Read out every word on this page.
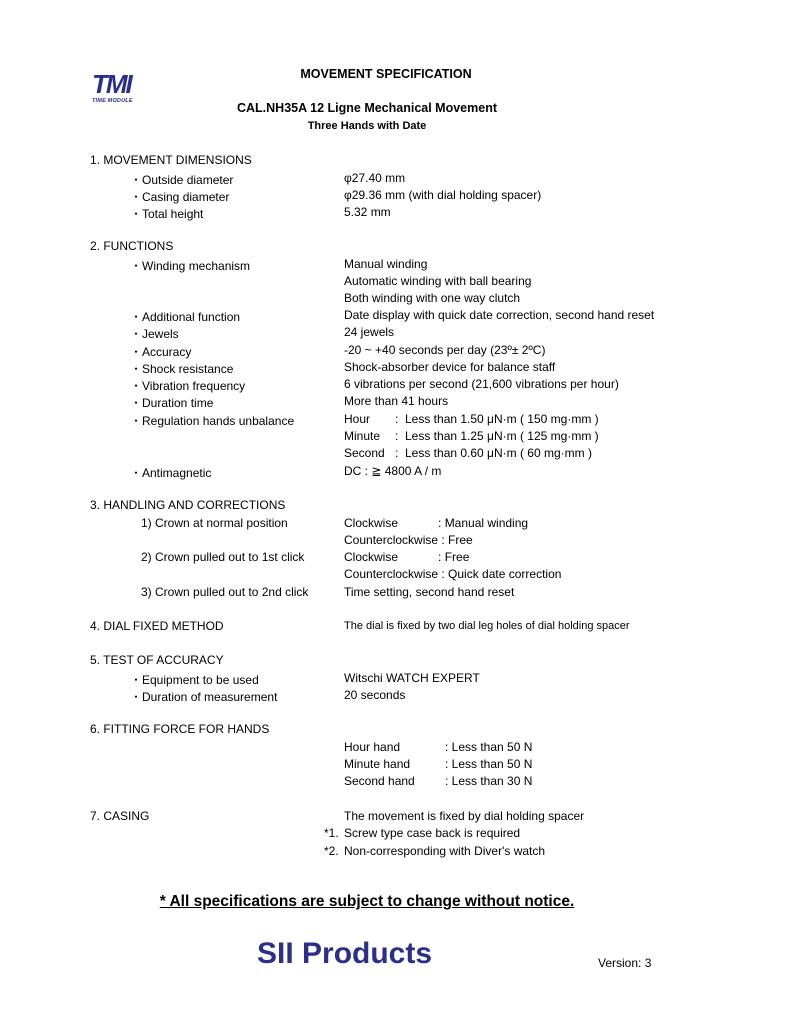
TMI
TIME MODULE
MOVEMENT SPECIFICATION
CAL.NH35A 12 Ligne Mechanical Movement
Three Hands with Date
1. MOVEMENT DIMENSIONS
・Outside diameter	φ27.40 mm
・Casing diameter	φ29.36 mm (with dial holding spacer)
・Total height	5.32 mm
2. FUNCTIONS
・Winding mechanism	Manual winding
Automatic winding with ball bearing
Both winding with one way clutch
・Additional function	Date display with quick date correction, second hand reset
・Jewels	24 jewels
・Accuracy	-20 ~ +40 seconds per day (23º± 2ºC)
・Shock resistance	Shock-absorber device for balance staff
・Vibration frequency	6 vibrations per second (21,600 vibrations per hour)
・Duration time	More than 41 hours
・Regulation hands unbalance	Hour : Less than 1.50 μN·m ( 150 mg·mm )
Minute : Less than 1.25 μN·m ( 125 mg·mm )
Second : Less than 0.60 μN·m ( 60 mg·mm )
・Antimagnetic	DC : ≧ 4800 A / m
3. HANDLING AND CORRECTIONS
1) Crown at normal position	Clockwise            : Manual winding
Counterclockwise : Free
2) Crown pulled out to 1st click	Clockwise            : Free
Counterclockwise : Quick date correction
3) Crown pulled out to 2nd click	Time setting, second hand reset
4. DIAL FIXED METHOD	The dial is fixed by two dial leg holes of dial holding spacer
5. TEST OF ACCURACY
・Equipment to be used	Witschi WATCH EXPERT
・Duration of measurement	20 seconds
6. FITTING FORCE FOR HANDS
Hour hand	: Less than 50 N
Minute hand	: Less than 50 N
Second hand	: Less than 30 N
7. CASING	The movement is fixed by dial holding spacer
*1. Screw type case back is required
*2. Non-corresponding with Diver's watch
* All specifications are subject to change without notice.
SII Products	Version: 3
